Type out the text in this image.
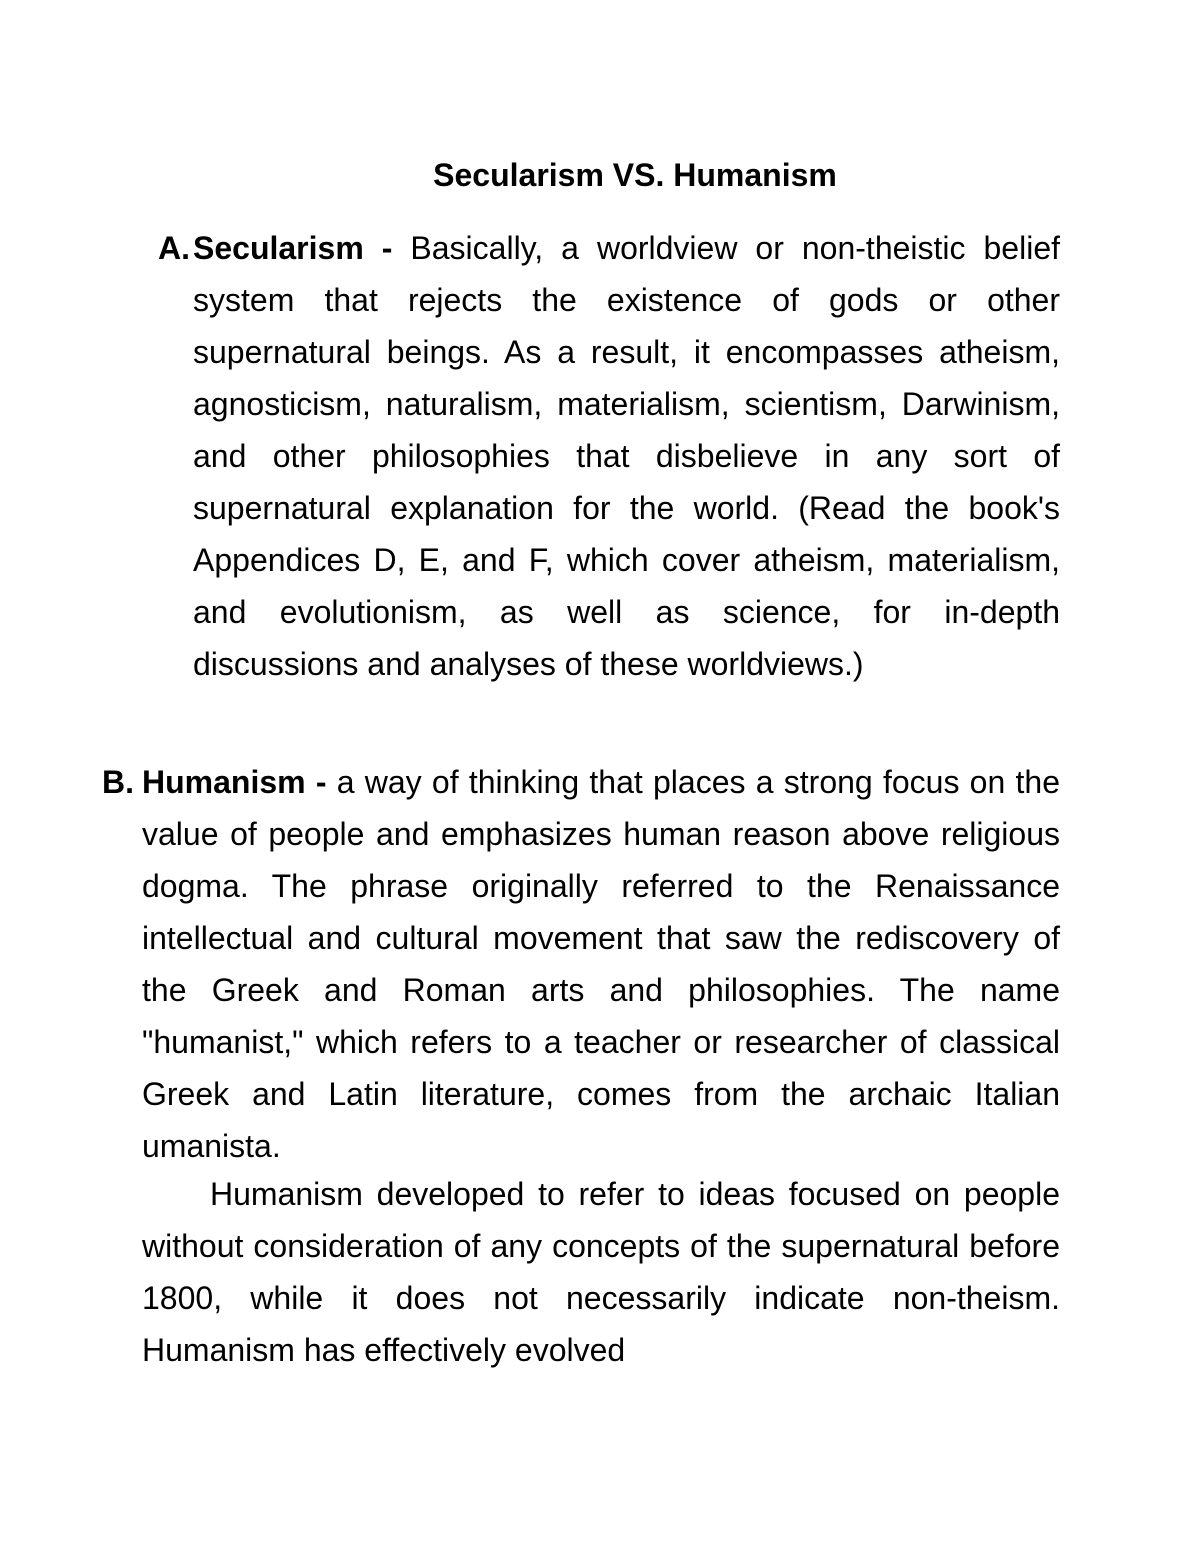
Secularism VS. Humanism
A. Secularism - Basically, a worldview or non-theistic belief system that rejects the existence of gods or other supernatural beings. As a result, it encompasses atheism, agnosticism, naturalism, materialism, scientism, Darwinism, and other philosophies that disbelieve in any sort of supernatural explanation for the world. (Read the book's Appendices D, E, and F, which cover atheism, materialism, and evolutionism, as well as science, for in-depth discussions and analyses of these worldviews.)
B. Humanism - a way of thinking that places a strong focus on the value of people and emphasizes human reason above religious dogma. The phrase originally referred to the Renaissance intellectual and cultural movement that saw the rediscovery of the Greek and Roman arts and philosophies. The name "humanist," which refers to a teacher or researcher of classical Greek and Latin literature, comes from the archaic Italian umanista.

Humanism developed to refer to ideas focused on people without consideration of any concepts of the supernatural before 1800, while it does not necessarily indicate non-theism. Humanism has effectively evolved
